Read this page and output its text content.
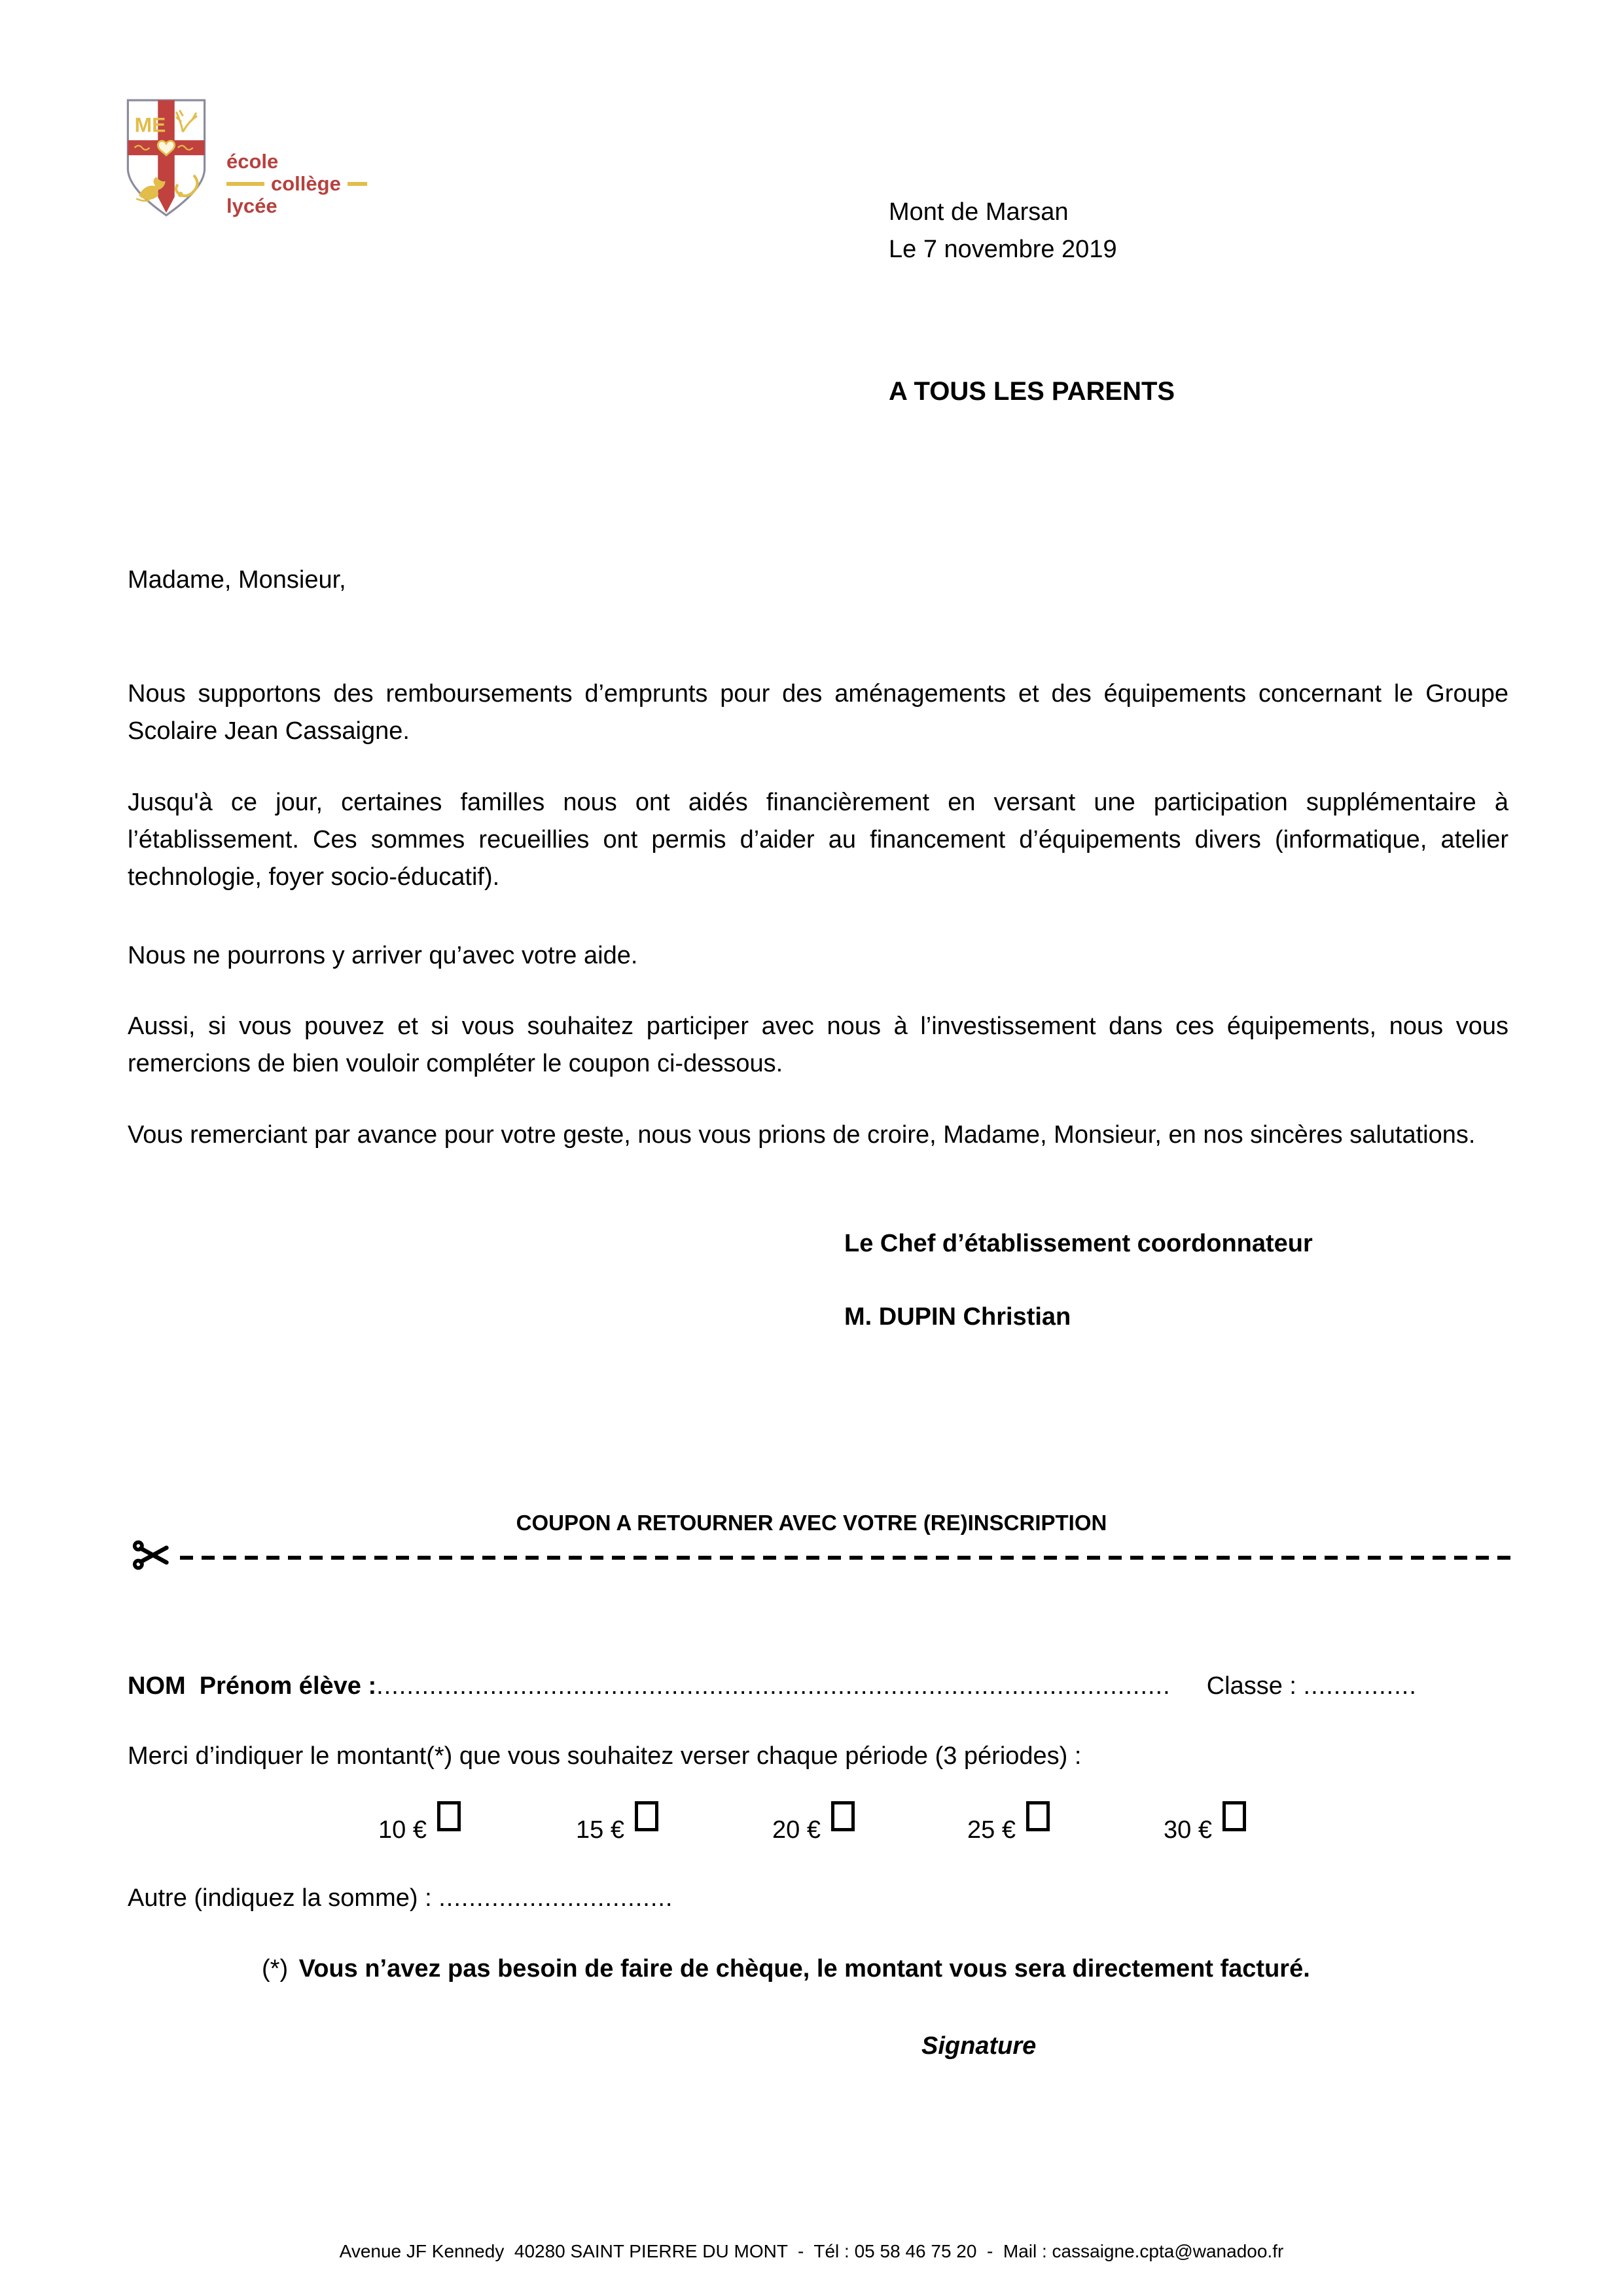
ME
école
collège
lycée	Mont de Marsan
Le 7 novembre 2019
A TOUS LES PARENTS
Madame, Monsieur,
Nous supportons des remboursements d’emprunts pour des aménagements et des équipements concernant le Groupe Scolaire Jean Cassaigne.
Jusqu'à ce jour, certaines familles nous ont aidés financièrement en versant une participation supplémentaire à l’établissement. Ces sommes recueillies ont permis d’aider au financement d’équipements divers (informatique, atelier technologie, foyer socio-éducatif).
Nous ne pourrons y arriver qu’avec votre aide.
Aussi, si vous pouvez et si vous souhaitez participer avec nous à l’investissement dans ces équipements, nous vous remercions de bien vouloir compléter le coupon ci-dessous.
Vous remerciant par avance pour votre geste, nous vous prions de croire, Madame, Monsieur, en nos sincères salutations.
Le Chef d’établissement coordonnateur
M. DUPIN Christian
COUPON A RETOURNER AVEC VOTRE (RE)INSCRIPTION
NOM  Prénom élève :......................................................................................................... Classe : ...............
Merci d’indiquer le montant(*) que vous souhaitez verser chaque période (3 périodes) :
10 €	15 €	20 €	25 €	30 €
Autre (indiquez la somme) : ...............................
(*) Vous n’avez pas besoin de faire de chèque, le montant vous sera directement facturé.
Signature
Avenue JF Kennedy  40280 SAINT PIERRE DU MONT  -  Tél : 05 58 46 75 20  -  Mail : cassaigne.cpta@wanadoo.fr
